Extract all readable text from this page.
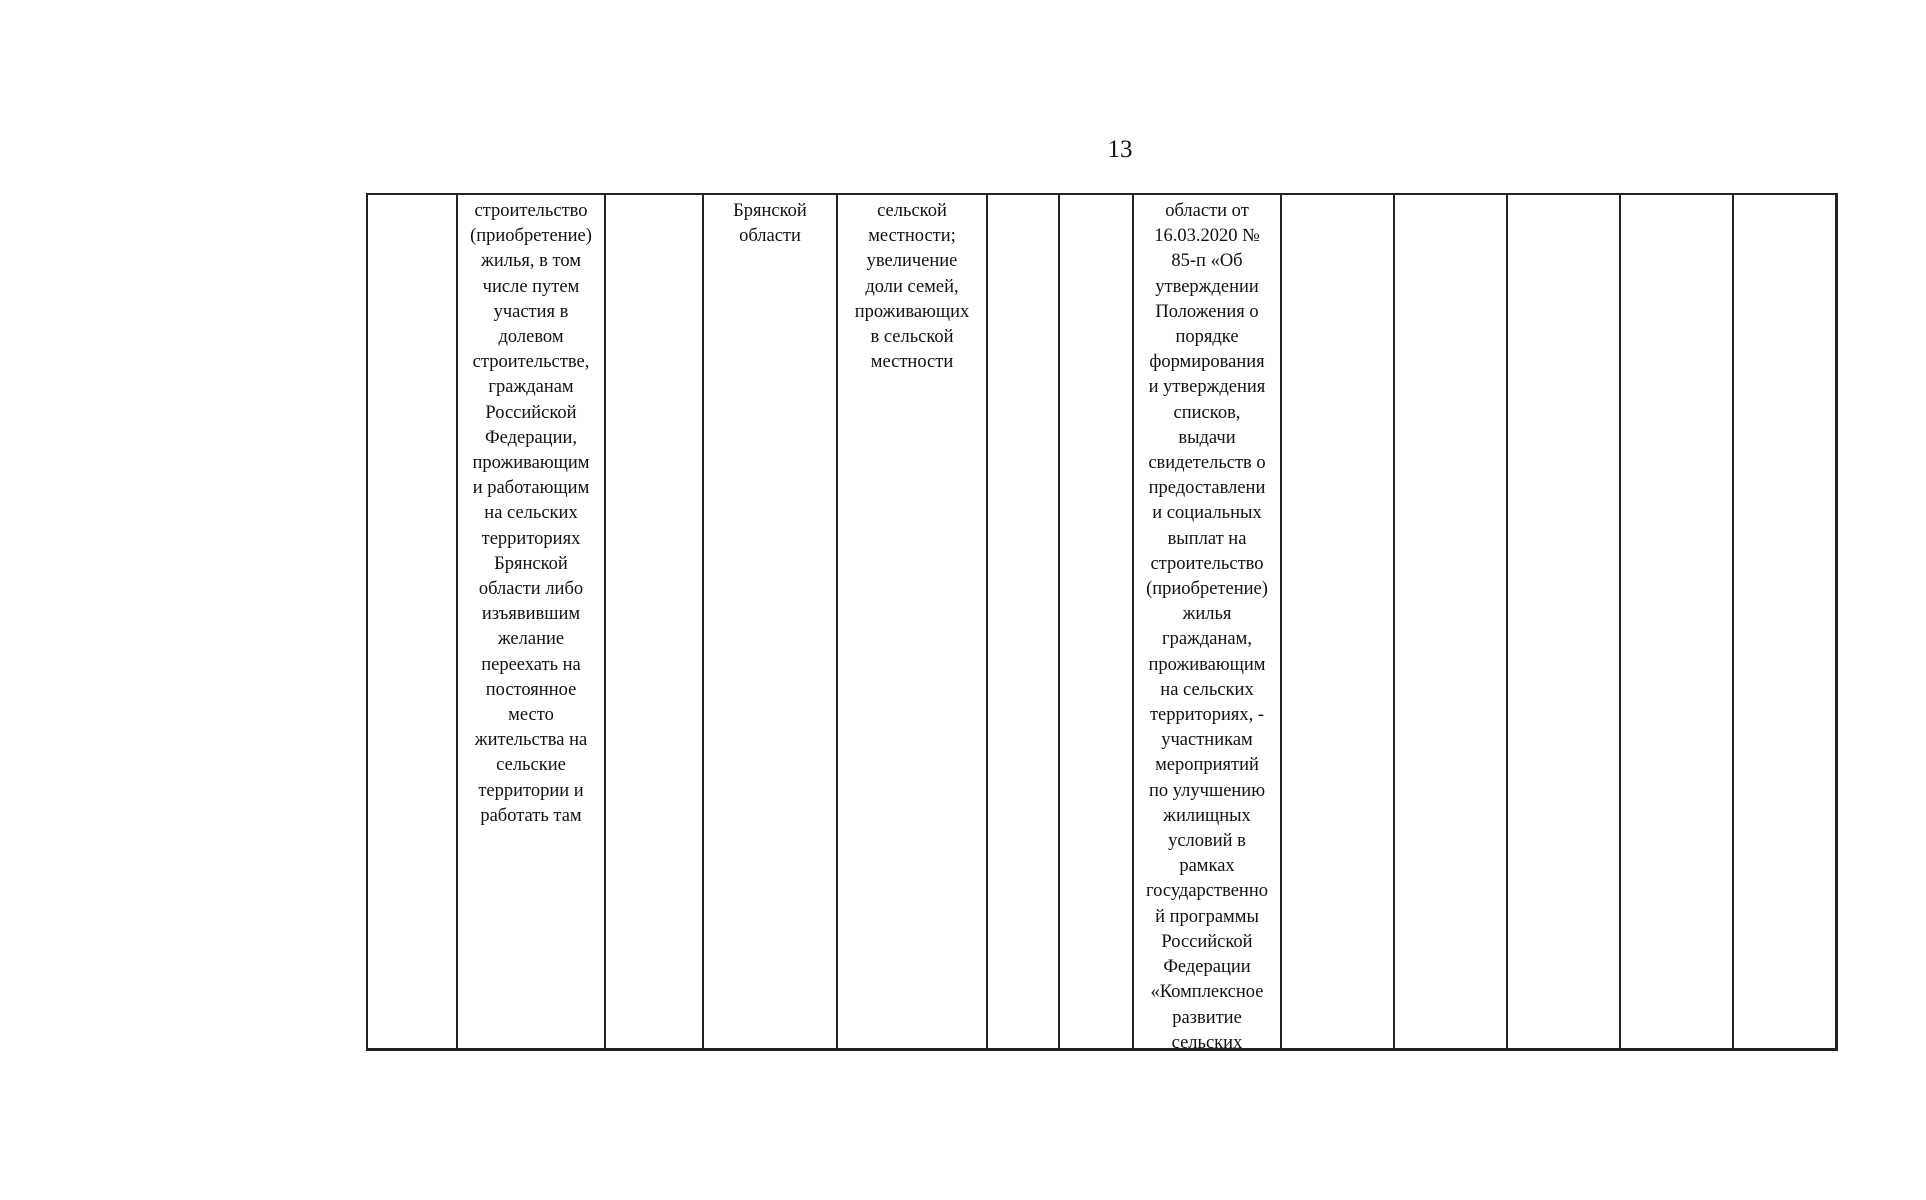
13
строительство
(приобретение)
жилья, в том
числе путем
участия в
долевом
строительстве,
гражданам
Российской
Федерации,
проживающим
и работающим
на сельских
территориях
Брянской
области либо
изъявившим
желание
переехать на
постоянное
место
жительства на
сельские
территории и
работать там
Брянской
области
сельской
местности;
увеличение
доли семей,
проживающих
в сельской
местности
области от
16.03.2020 №
85-п «Об
утверждении
Положения о
порядке
формирования
и утверждения
списков,
выдачи
свидетельств о
предоставлени
и социальных
выплат на
строительство
(приобретение)
жилья
гражданам,
проживающим
на сельских
территориях, -
участникам
мероприятий
по улучшению
жилищных
условий в
рамках
государственно
й программы
Российской
Федерации
«Комплексное
развитие
сельских
